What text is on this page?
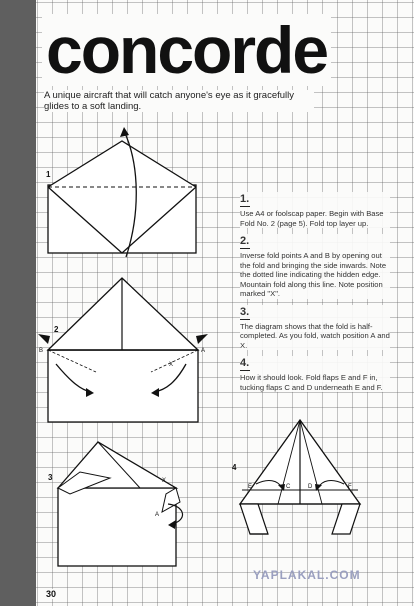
concorde
A unique aircraft that will catch anyone's eye as it gracefully glides to a soft landing.
1
2
B	A
X
3	X
A
4
E	C	D	F
1.
Use A4 or foolscap paper. Begin with Base Fold No. 2 (page 5). Fold top layer up.
2.
Inverse fold points A and B by opening out the fold and bringing the side inwards. Note the dotted line indicating the hidden edge. Mountain fold along this line. Note position marked "X".
3.
The diagram shows that the fold is half-completed. As you fold, watch position A and X.
4.
How it should look. Fold flaps E and F in, tucking flaps C and D underneath E and F.
YAPLAKAL.COM
30
